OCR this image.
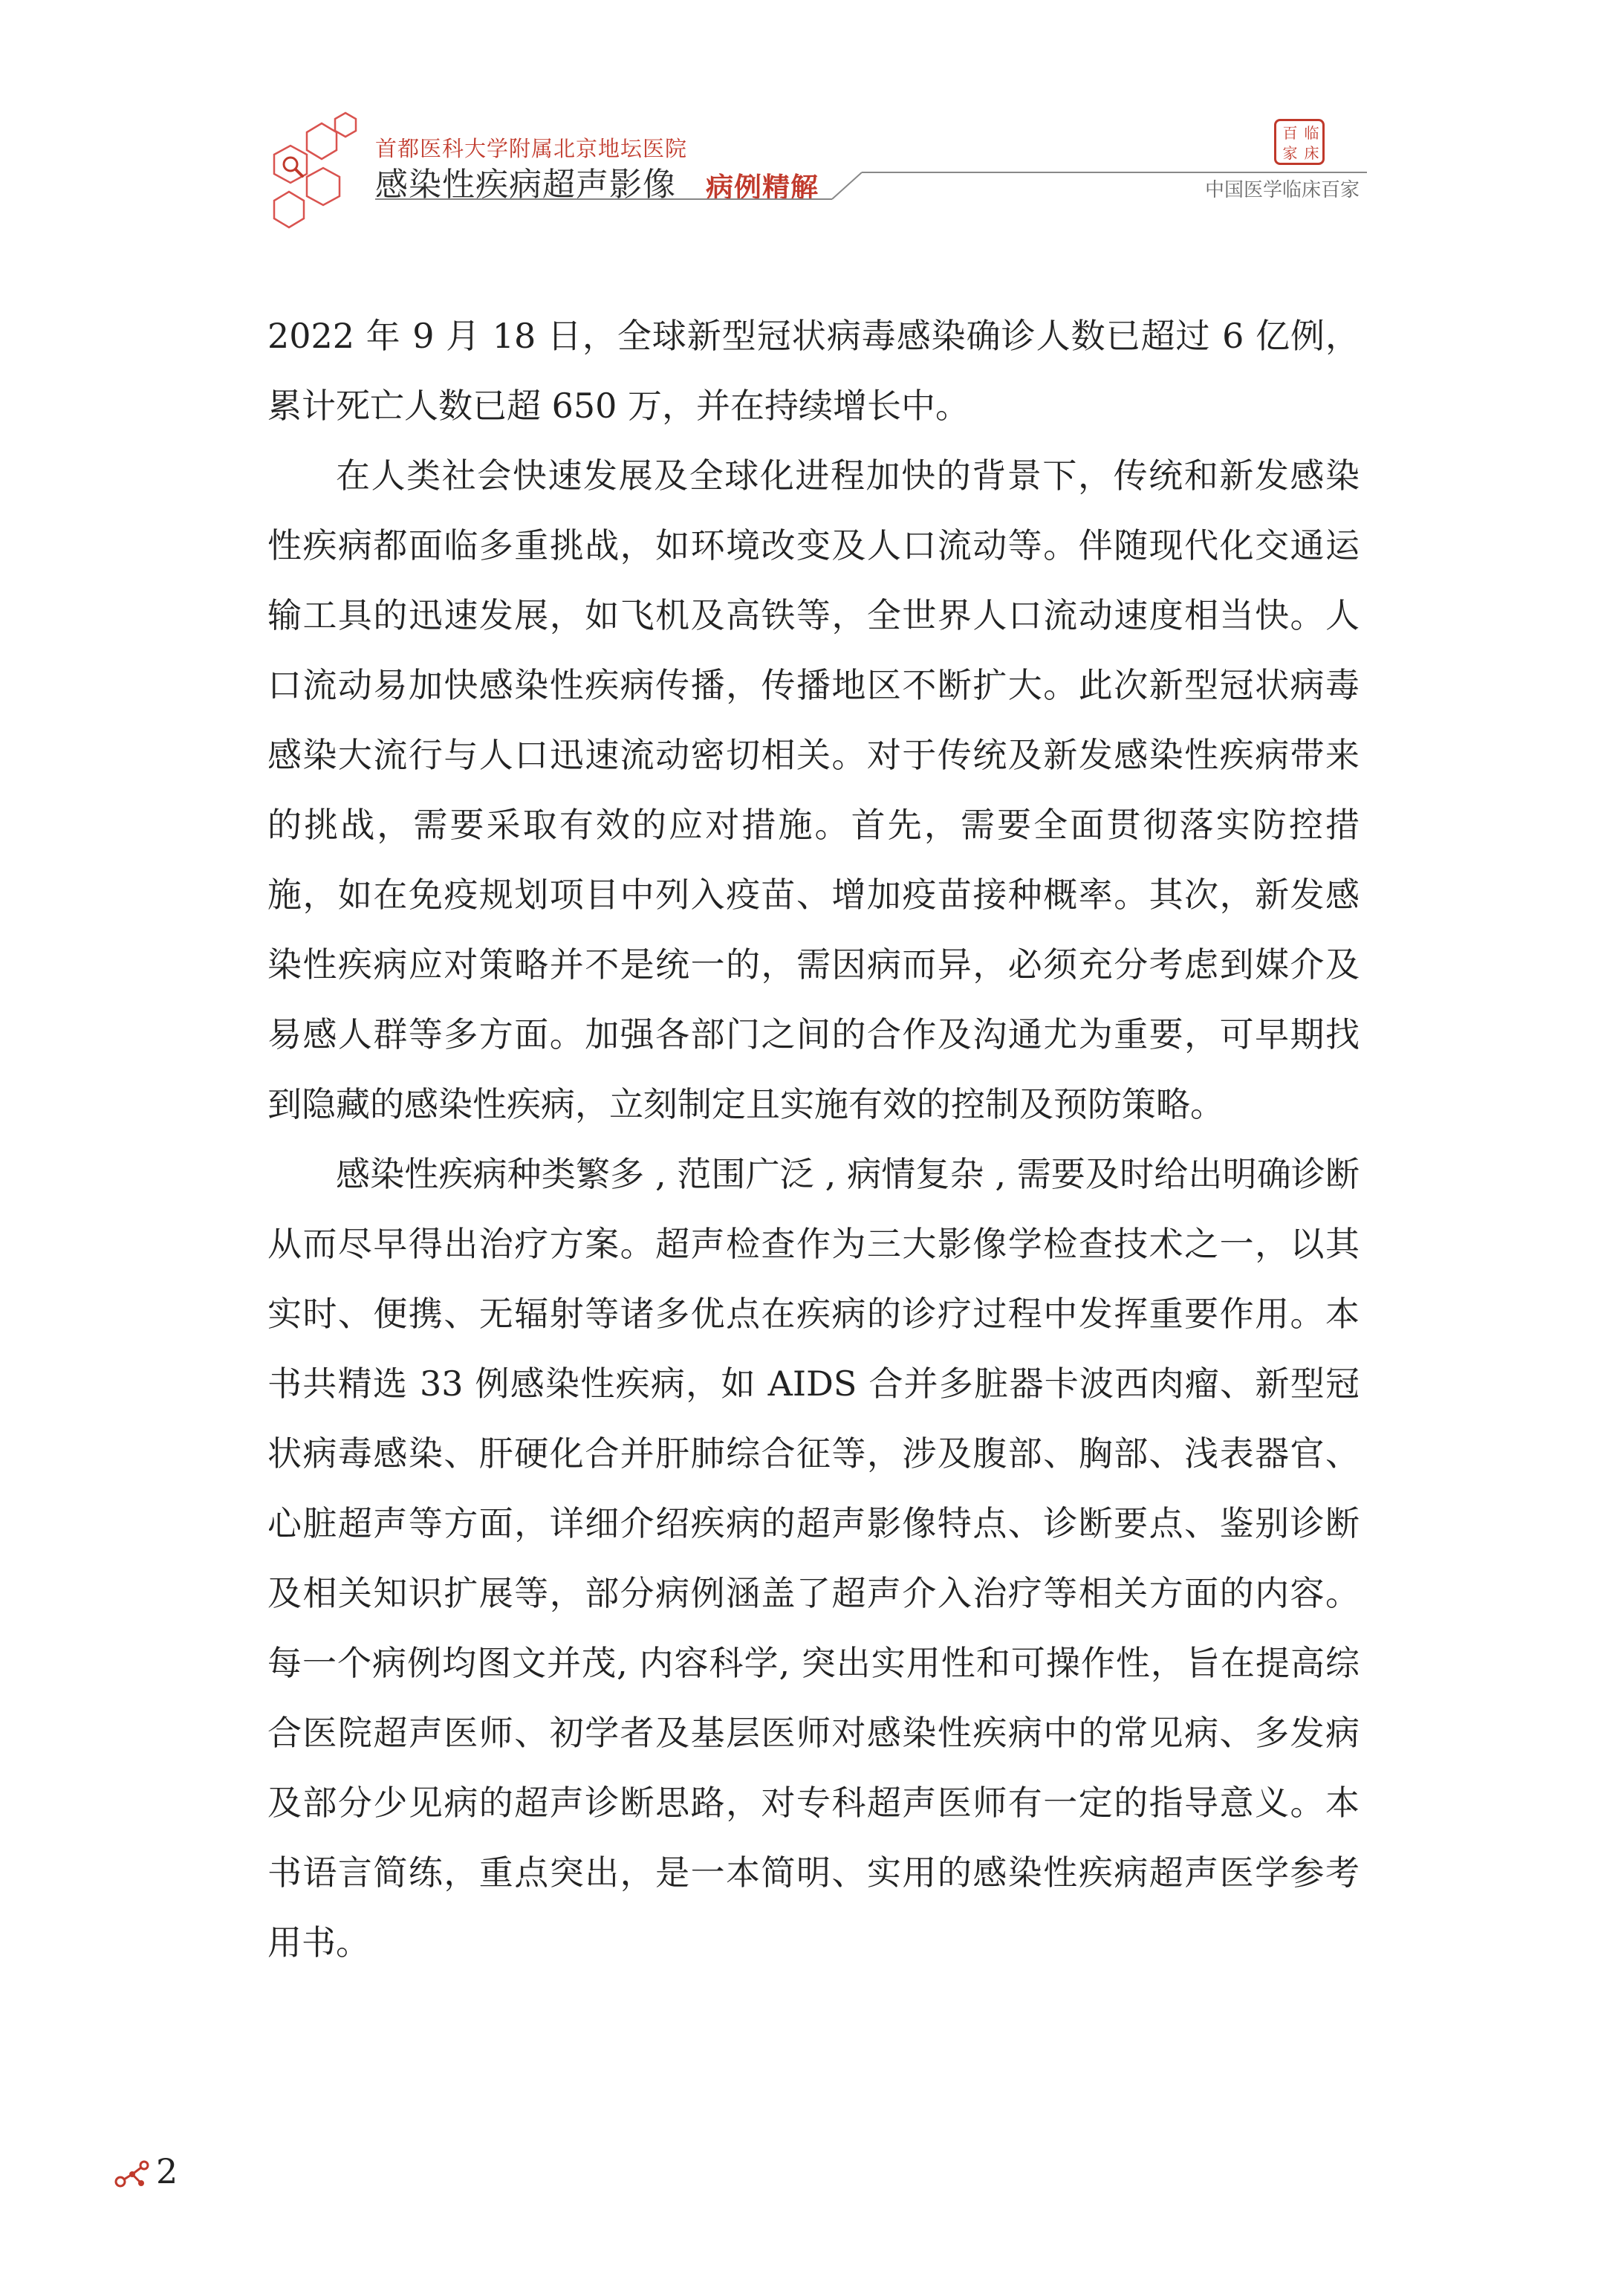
首都医科大学附属北京地坛医院
感染性疾病超声影像 病例精解
百 临
家 床
中国医学临床百家

2022 年 9 月 18 日，全球新型冠状病毒感染确诊人数已超过 6 亿例，累计死亡人数已超 650 万，并在持续增长中。

在人类社会快速发展及全球化进程加快的背景下，传统和新发感染性疾病都面临多重挑战，如环境改变及人口流动等。伴随现代化交通运输工具的迅速发展，如飞机及高铁等，全世界人口流动速度相当快。人口流动易加快感染性疾病传播，传播地区不断扩大。此次新型冠状病毒感染大流行与人口迅速流动密切相关。对于传统及新发感染性疾病带来的挑战，需要采取有效的应对措施。首先，需要全面贯彻落实防控措施，如在免疫规划项目中列入疫苗、增加疫苗接种概率。其次，新发感染性疾病应对策略并不是统一的，需因病而异，必须充分考虑到媒介及易感人群等多方面。加强各部门之间的合作及沟通尤为重要，可早期找到隐藏的感染性疾病，立刻制定且实施有效的控制及预防策略。

感染性疾病种类繁多 , 范围广泛 , 病情复杂 , 需要及时给出明确诊断从而尽早得出治疗方案。超声检查作为三大影像学检查技术之一，以其实时、便携、无辐射等诸多优点在疾病的诊疗过程中发挥重要作用。本书共精选 33 例感染性疾病，如 AIDS 合并多脏器卡波西肉瘤、新型冠状病毒感染、肝硬化合并肝肺综合征等，涉及腹部、胸部、浅表器官、心脏超声等方面，详细介绍疾病的超声影像特点、诊断要点、鉴别诊断及相关知识扩展等，部分病例涵盖了超声介入治疗等相关方面的内容。每一个病例均图文并茂, 内容科学, 突出实用性和可操作性，旨在提高综合医院超声医师、初学者及基层医师对感染性疾病中的常见病、多发病及部分少见病的超声诊断思路，对专科超声医师有一定的指导意义。本书语言简练，重点突出，是一本简明、实用的感染性疾病超声医学参考用书。

2
